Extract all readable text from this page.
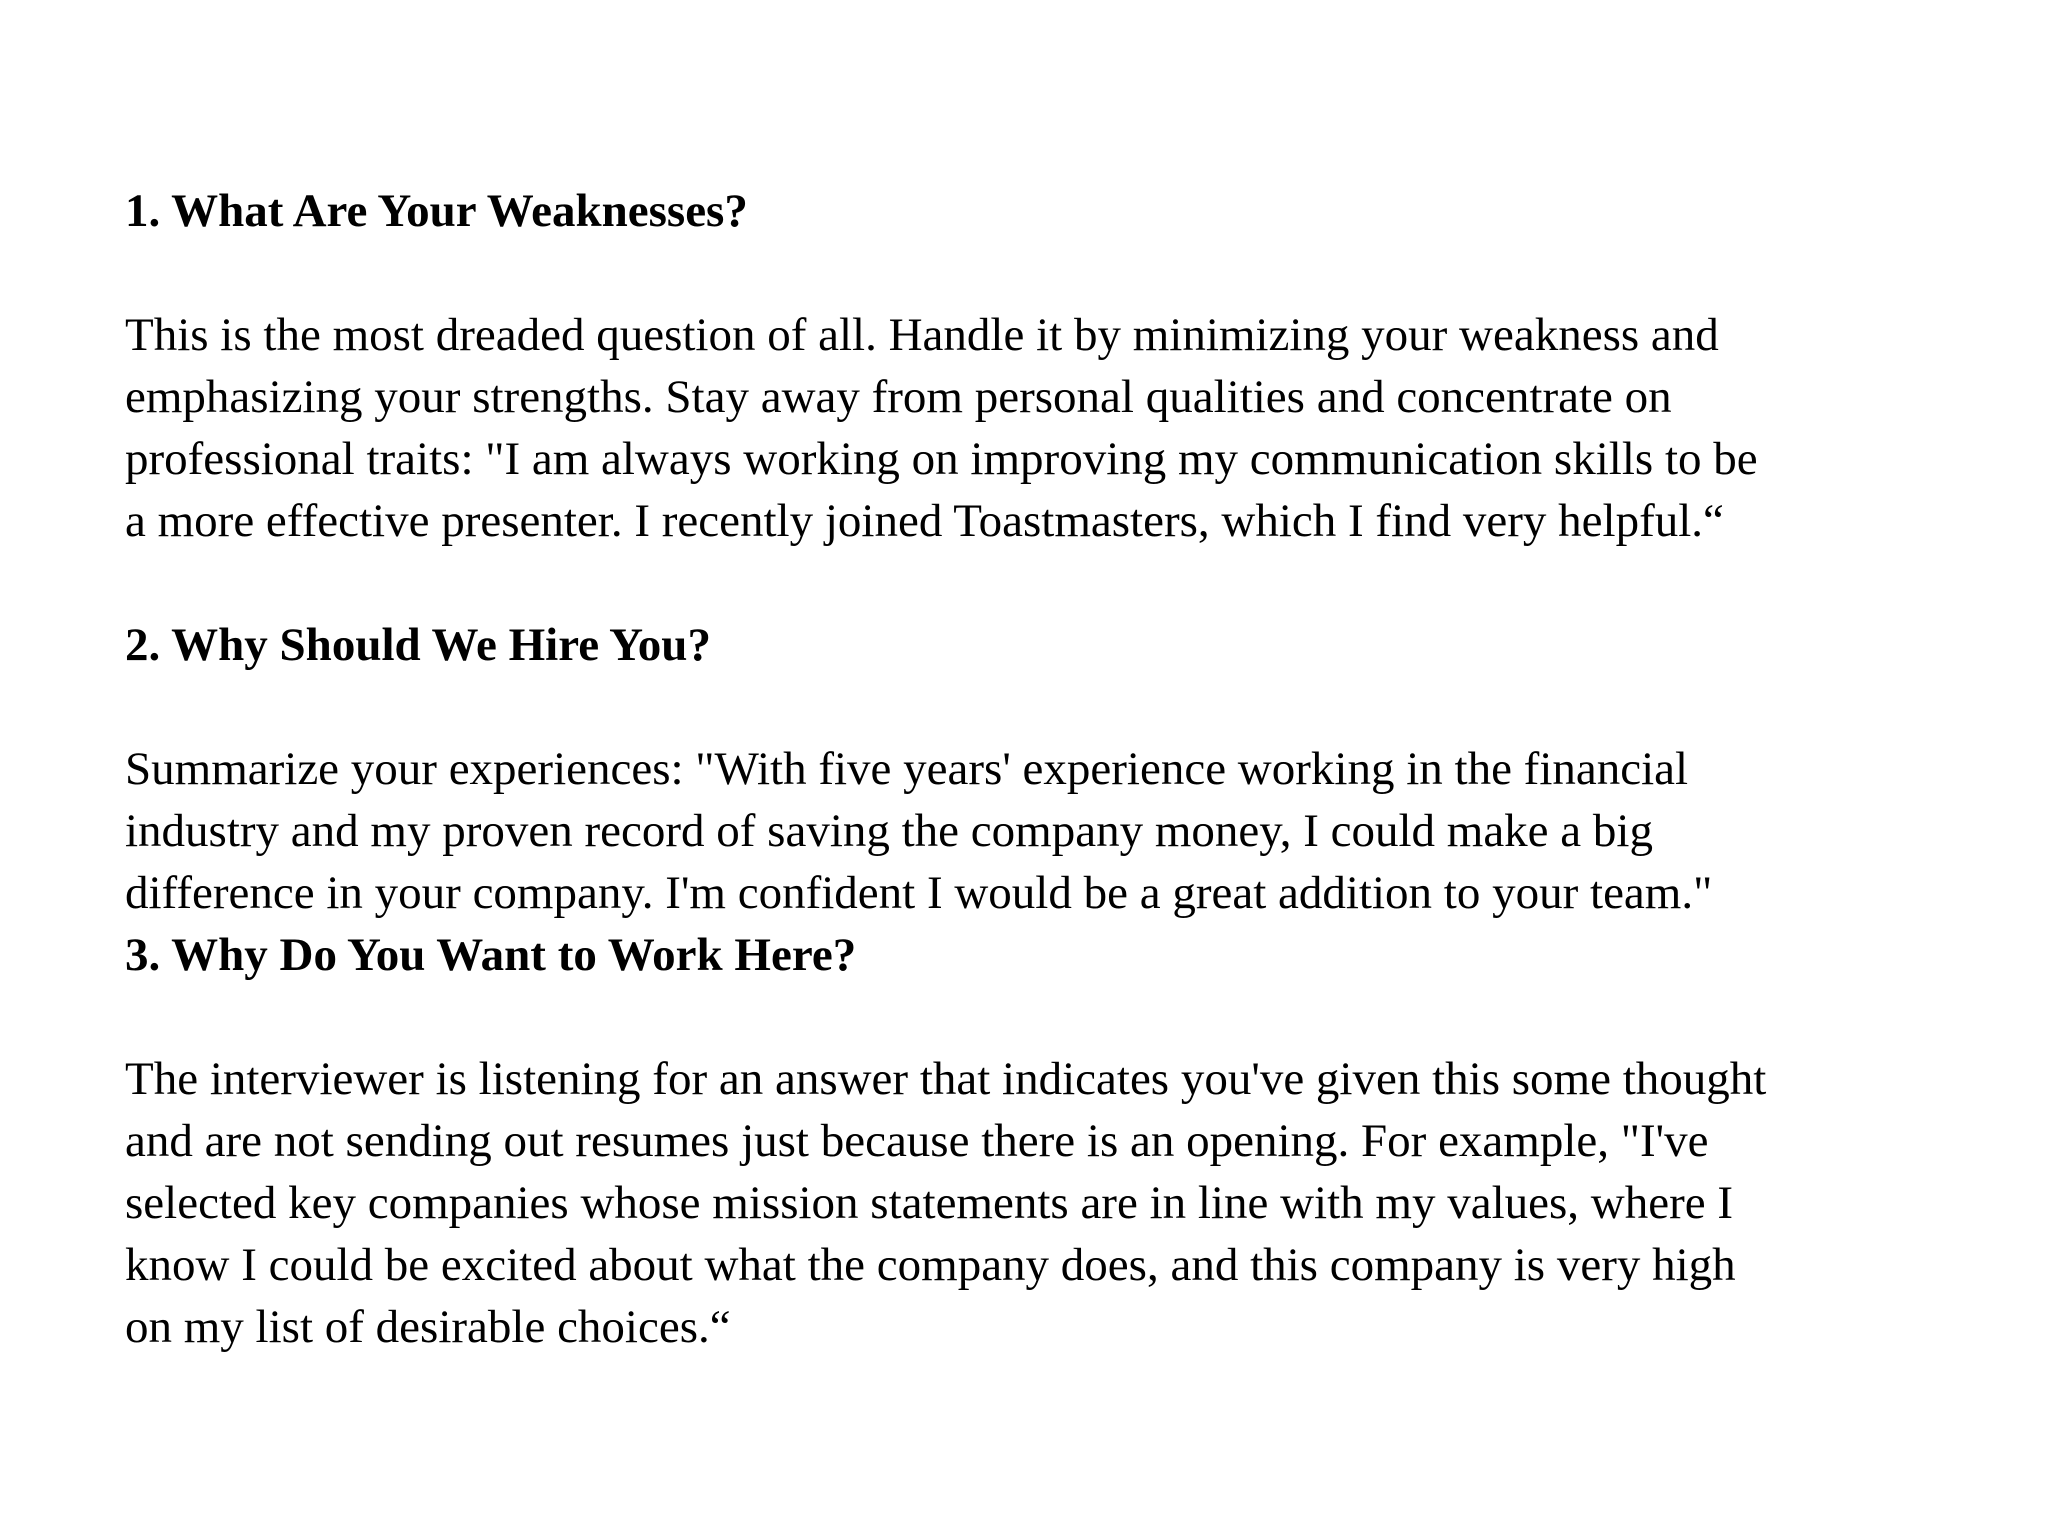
1. What Are Your Weaknesses?

This is the most dreaded question of all. Handle it by minimizing your weakness and
emphasizing your strengths. Stay away from personal qualities and concentrate on
professional traits: "I am always working on improving my communication skills to be
a more effective presenter. I recently joined Toastmasters, which I find very helpful.“

2. Why Should We Hire You?

Summarize your experiences: "With five years' experience working in the financial
industry and my proven record of saving the company money, I could make a big
difference in your company. I'm confident I would be a great addition to your team."

3. Why Do You Want to Work Here?

The interviewer is listening for an answer that indicates you've given this some thought
and are not sending out resumes just because there is an opening. For example, "I've
selected key companies whose mission statements are in line with my values, where I
know I could be excited about what the company does, and this company is very high
on my list of desirable choices.“
